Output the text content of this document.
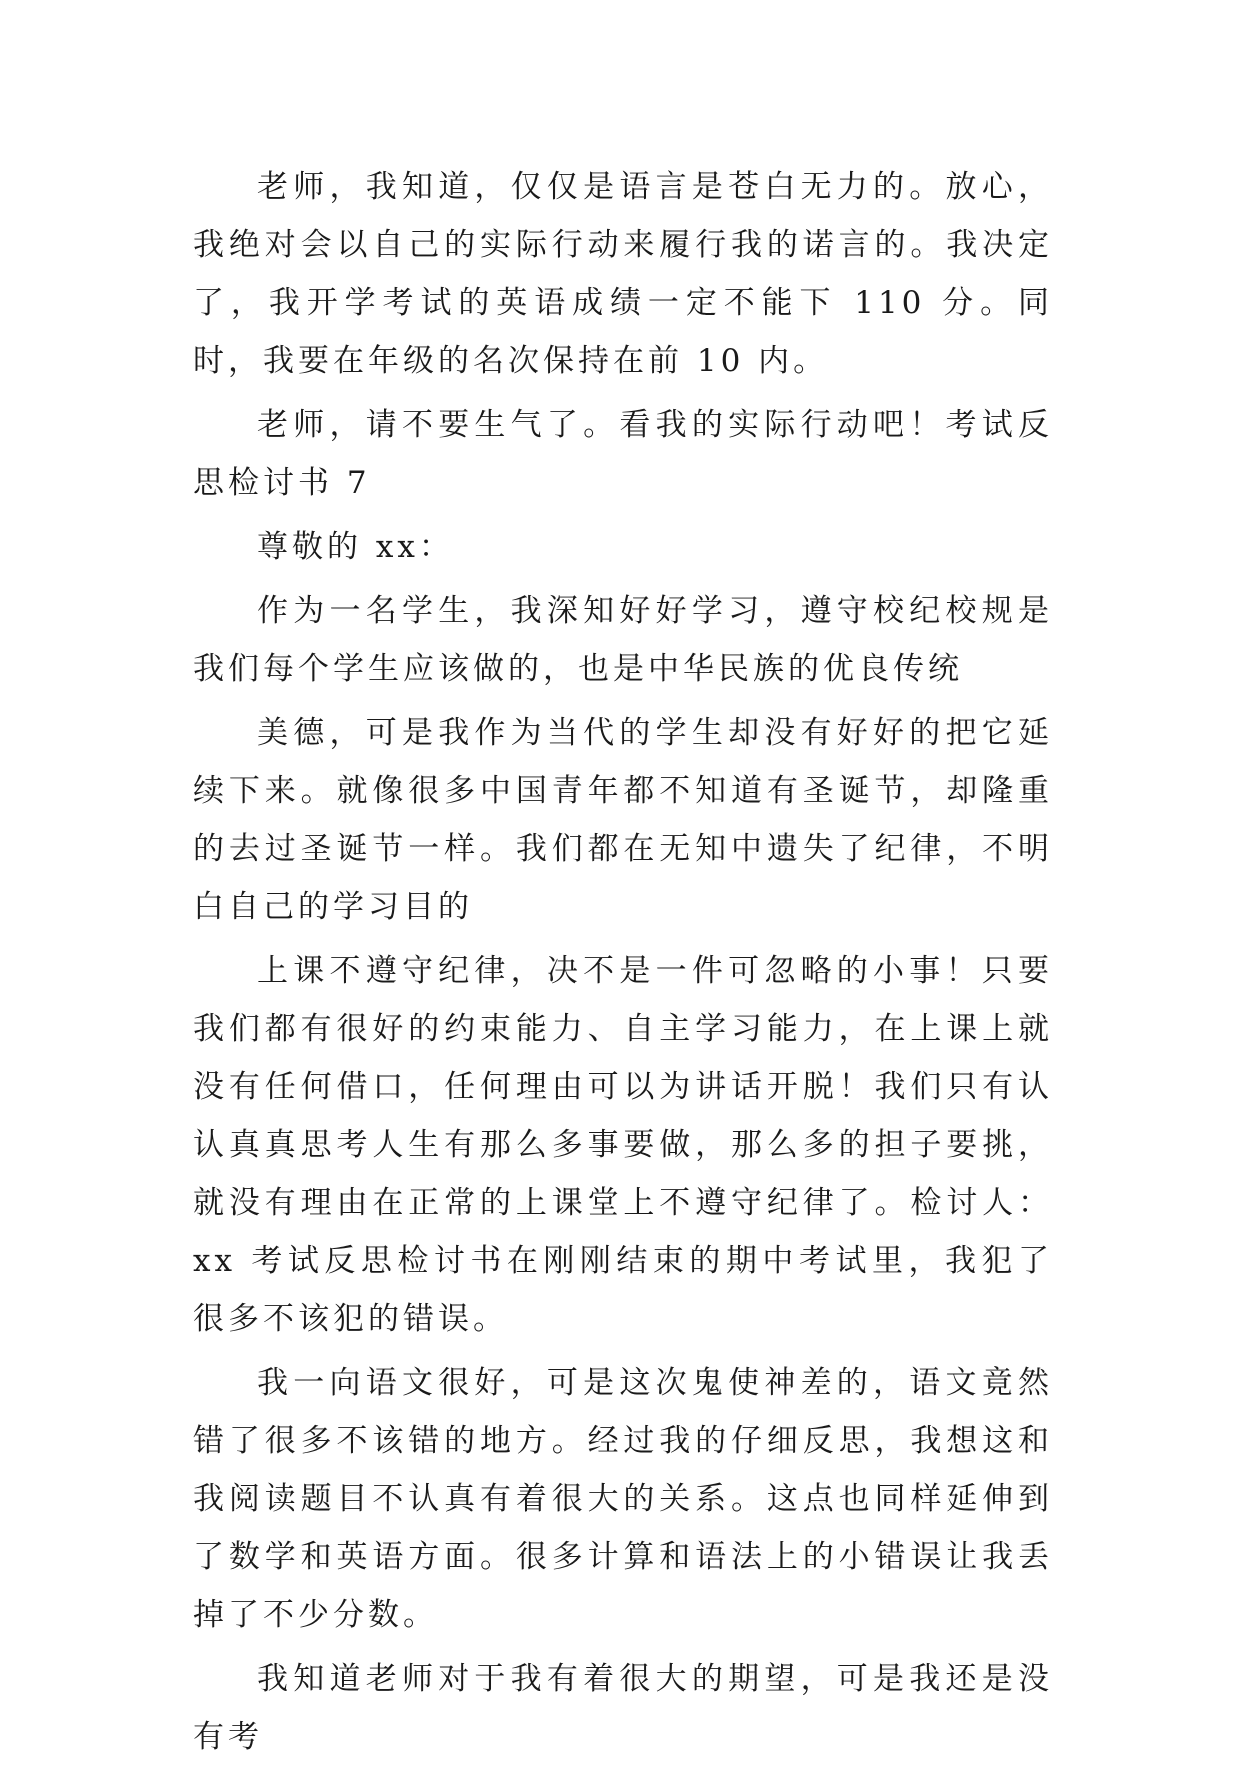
老师，我知道，仅仅是语言是苍白无力的。放心，我绝对会以自己的实际行动来履行我的诺言的。我决定了，我开学考试的英语成绩一定不能下 110 分。同时，我要在年级的名次保持在前 10 内。

老师，请不要生气了。看我的实际行动吧！考试反思检讨书 7

尊敬的 xx：

作为一名学生，我深知好好学习，遵守校纪校规是我们每个学生应该做的，也是中华民族的优良传统

美德，可是我作为当代的学生却没有好好的把它延续下来。就像很多中国青年都不知道有圣诞节，却隆重的去过圣诞节一样。我们都在无知中遗失了纪律，不明白自己的学习目的

上课不遵守纪律，决不是一件可忽略的小事！只要我们都有很好的约束能力、自主学习能力，在上课上就没有任何借口，任何理由可以为讲话开脱！我们只有认认真真思考人生有那么多事要做，那么多的担子要挑，就没有理由在正常的上课堂上不遵守纪律了。检讨人：xx 考试反思检讨书在刚刚结束的期中考试里，我犯了很多不该犯的错误。

我一向语文很好，可是这次鬼使神差的，语文竟然错了很多不该错的地方。经过我的仔细反思，我想这和我阅读题目不认真有着很大的关系。这点也同样延伸到了数学和英语方面。很多计算和语法上的小错误让我丢掉了不少分数。

我知道老师对于我有着很大的期望，可是我还是没有考
